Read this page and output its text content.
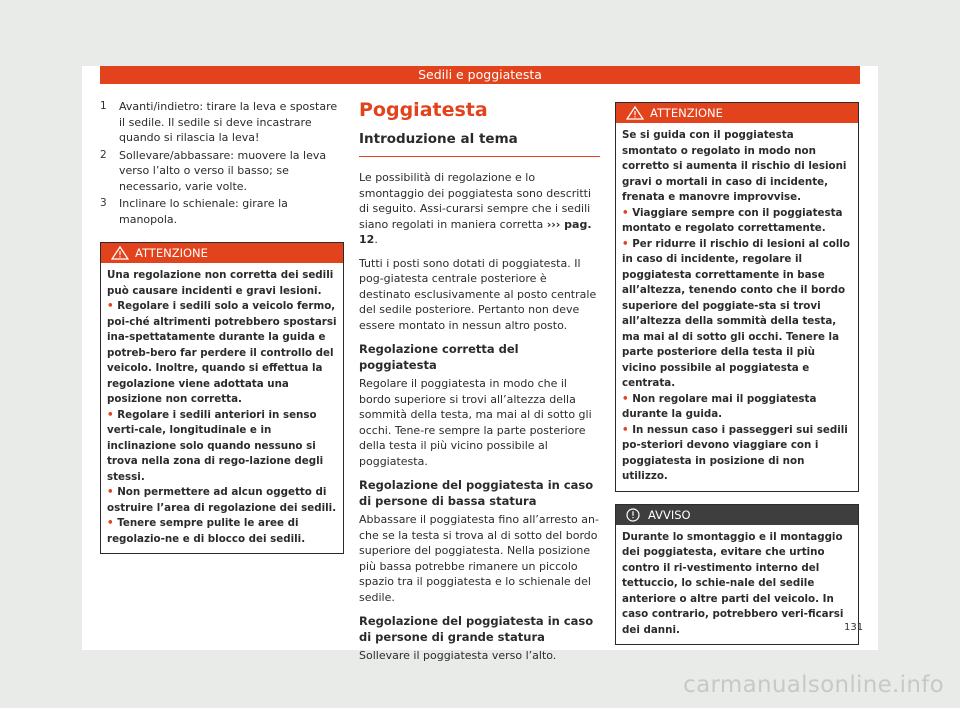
Sedili e poggiatesta
1	Avanti/indietro: tirare la leva e spostare il sedile. Il sedile si deve incastrare quando si rilascia la leva!
2	Sollevare/abbassare: muovere la leva verso l’alto o verso il basso; se necessario, varie volte.
3	Inclinare lo schienale: girare la manopola.
ATTENZIONE

Una regolazione non corretta dei sedili può causare incidenti e gravi lesioni.

• Regolare i sedili solo a veicolo fermo, poi-ché altrimenti potrebbero spostarsi ina-spettatamente durante la guida e potreb-bero far perdere il controllo del veicolo. Inoltre, quando si effettua la regolazione viene adottata una posizione non corretta.

• Regolare i sedili anteriori in senso verti-cale, longitudinale e in inclinazione solo quando nessuno si trova nella zona di rego-lazione degli stessi.

• Non permettere ad alcun oggetto di ostruire l’area di regolazione dei sedili.

• Tenere sempre pulite le aree di regolazio-ne e di blocco dei sedili.

Poggiatesta
Introduzione al tema

Le possibilità di regolazione e lo smontaggio dei poggiatesta sono descritti di seguito. Assi-curarsi sempre che i sedili siano regolati in maniera corretta ››› pag. 12.

Tutti i posti sono dotati di poggiatesta. Il pog-giatesta centrale posteriore è destinato esclusivamente al posto centrale del sedile posteriore. Pertanto non deve essere montato in nessun altro posto.

Regolazione corretta del poggiatesta

Regolare il poggiatesta in modo che il bordo superiore si trovi all’altezza della sommità della testa, ma mai al di sotto gli occhi. Tene-re sempre la parte posteriore della testa il più vicino possibile al poggiatesta.

Regolazione del poggiatesta in caso di persone di bassa statura

Abbassare il poggiatesta fino all’arresto an-che se la testa si trova al di sotto del bordo superiore del poggiatesta. Nella posizione più bassa potrebbe rimanere un piccolo spazio tra il poggiatesta e lo schienale del sedile.

Regolazione del poggiatesta in caso di persone di grande statura

Sollevare il poggiatesta verso l’alto.

ATTENZIONE

Se si guida con il poggiatesta smontato o regolato in modo non corretto si aumenta il rischio di lesioni gravi o mortali in caso di incidente, frenata e manovre improvvise.

• Viaggiare sempre con il poggiatesta montato e regolato correttamente.

• Per ridurre il rischio di lesioni al collo in caso di incidente, regolare il poggiatesta correttamente in base all’altezza, tenendo conto che il bordo superiore del poggiate-sta si trovi all’altezza della sommità della testa, ma mai al di sotto gli occhi. Tenere la parte posteriore della testa il più vicino possibile al poggiatesta e centrata.

• Non regolare mai il poggiatesta durante la guida.

• In nessun caso i passeggeri sui sedili po-steriori devono viaggiare con i poggiatesta in posizione di non utilizzo.

AVVISO
Durante lo smontaggio e il montaggio dei poggiatesta, evitare che urtino contro il ri-vestimento interno del tettuccio, lo schie-nale del sedile anteriore o altre parti del veicolo. In caso contrario, potrebbero veri-ficarsi dei danni.	131
carmanualsonline.info
